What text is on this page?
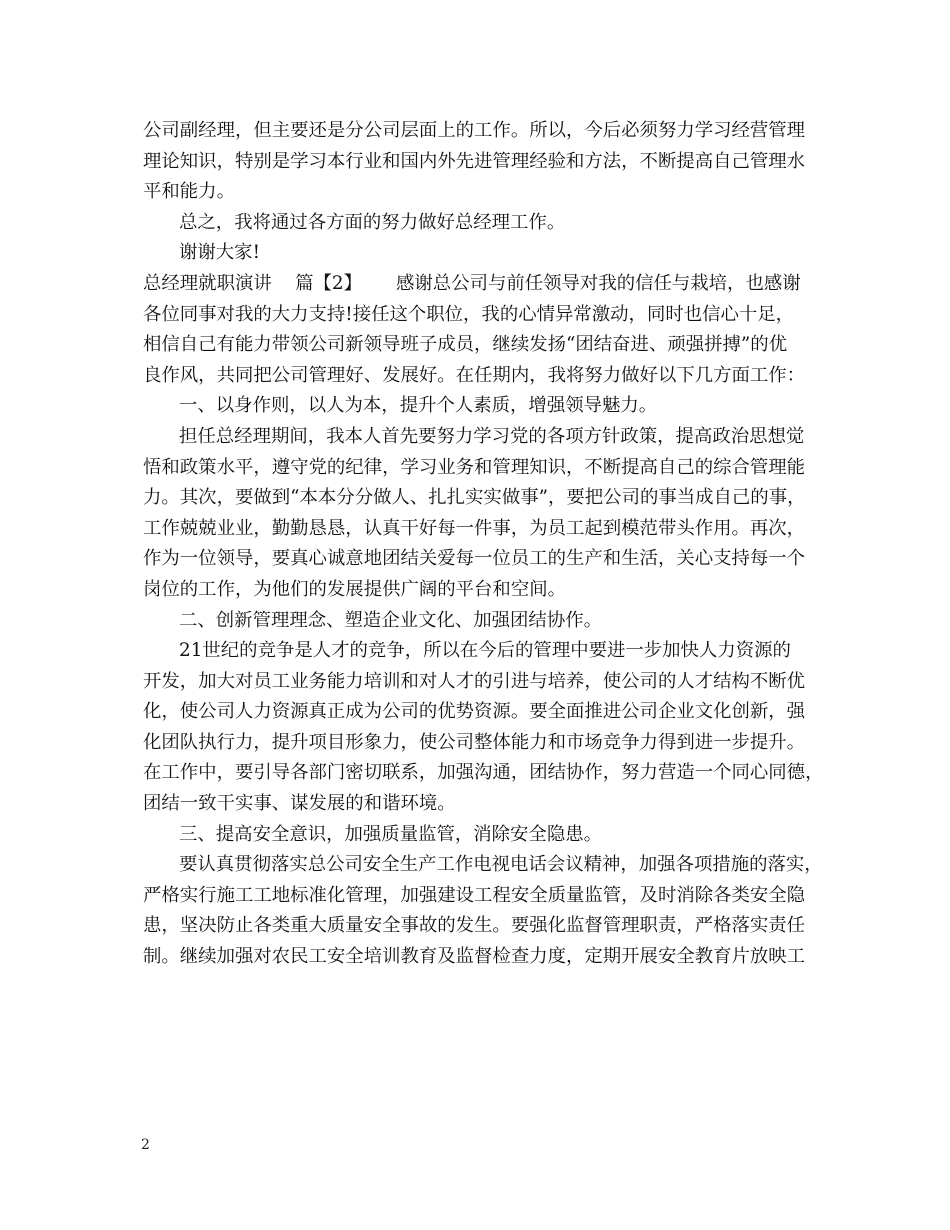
公司副经理，但主要还是分公司层面上的工作。所以，今后必须努力学习经营管理
理论知识，特别是学习本行业和国内外先进管理经验和方法，不断提高自己管理水
平和能力。
总之，我将通过各方面的努力做好总经理工作。
谢谢大家!
总经理就职演讲 篇【2】 感谢总公司与前任领导对我的信任与栽培，也感谢
各位同事对我的大力支持!接任这个职位，我的心情异常激动，同时也信心十足，
相信自己有能力带领公司新领导班子成员，继续发扬“团结奋进、顽强拼搏”的优
良作风，共同把公司管理好、发展好。在任期内，我将努力做好以下几方面工作：
一、以身作则，以人为本，提升个人素质，增强领导魅力。
担任总经理期间，我本人首先要努力学习党的各项方针政策，提高政治思想觉
悟和政策水平，遵守党的纪律，学习业务和管理知识，不断提高自己的综合管理能
力。其次，要做到“本本分分做人、扎扎实实做事”，要把公司的事当成自己的事，
工作兢兢业业，勤勤恳恳，认真干好每一件事，为员工起到模范带头作用。再次，
作为一位领导，要真心诚意地团结关爱每一位员工的生产和生活，关心支持每一个
岗位的工作，为他们的发展提供广阔的平台和空间。
二、创新管理理念、塑造企业文化、加强团结协作。
21世纪的竞争是人才的竞争，所以在今后的管理中要进一步加快人力资源的
开发，加大对员工业务能力培训和对人才的引进与培养，使公司的人才结构不断优
化，使公司人力资源真正成为公司的优势资源。要全面推进公司企业文化创新，强
化团队执行力，提升项目形象力，使公司整体能力和市场竞争力得到进一步提升。
在工作中，要引导各部门密切联系，加强沟通，团结协作，努力营造一个同心同德，
团结一致干实事、谋发展的和谐环境。
三、提高安全意识，加强质量监管，消除安全隐患。
要认真贯彻落实总公司安全生产工作电视电话会议精神，加强各项措施的落实，
严格实行施工工地标准化管理，加强建设工程安全质量监管，及时消除各类安全隐
患，坚决防止各类重大质量安全事故的发生。要强化监督管理职责，严格落实责任
制。继续加强对农民工安全培训教育及监督检查力度，定期开展安全教育片放映工
2
